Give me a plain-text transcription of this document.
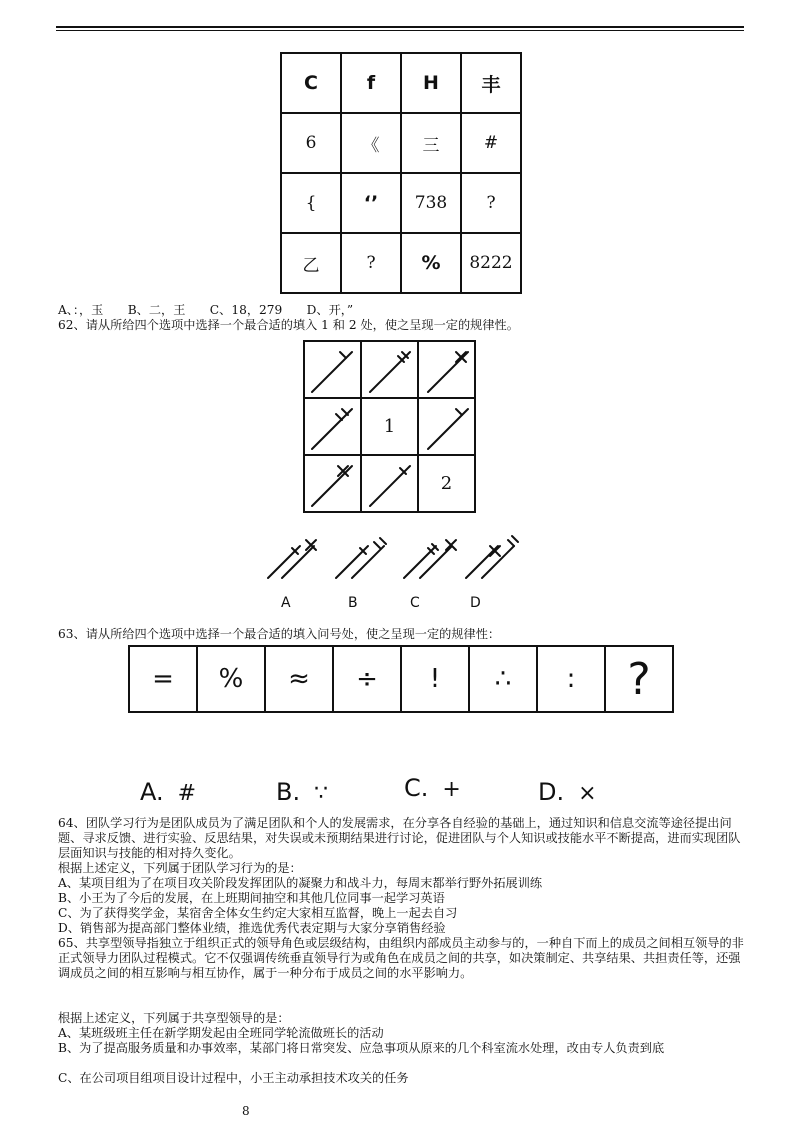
C	f	H	丰
6	《	三	#
{	‘’	738	?
乙	?	%	8222
A、：，玉　　B、二，王　　C、18，279　　D、开，”
62、请从所给四个选项中选择一个最合适的填入 1 和 2 处，使之呈现一定的规律性。

	1	
		2
A	B	C	D
63、请从所给四个选项中选择一个最合适的填入问号处，使之呈现一定的规律性：
=	%	≈	÷	!	∴	:	?
A. #	B. ∵	C. +	D. ×
64、团队学习行为是团队成员为了满足团队和个人的发展需求，在分享各自经验的基础上，通过知识和信息交流等途径提出问题、寻求反馈、进行实验、反思结果，对失误或未预期结果进行讨论，促进团队与个人知识或技能水平不断提高，进而实现团队层面知识与技能的相对持久变化。
根据上述定义，下列属于团队学习行为的是：
A、某项目组为了在项目攻关阶段发挥团队的凝聚力和战斗力，每周末都举行野外拓展训练
B、小王为了今后的发展，在上班期间抽空和其他几位同事一起学习英语
C、为了获得奖学金，某宿舍全体女生约定大家相互监督，晚上一起去自习
D、销售部为提高部门整体业绩，推选优秀代表定期与大家分享销售经验
65、共享型领导指独立于组织正式的领导角色或层级结构，由组织内部成员主动参与的，一种自下而上的成员之间相互领导的非正式领导力团队过程模式。它不仅强调传统垂直领导行为或角色在成员之间的共享，如决策制定、共享结果、共担责任等，还强调成员之间的相互影响与相互协作，属于一种分布于成员之间的水平影响力。
根据上述定义，下列属于共享型领导的是：
A、某班级班主任在新学期发起由全班同学轮流做班长的活动
B、为了提高服务质量和办事效率，某部门将日常突发、应急事项从原来的几个科室流水处理，改由专人负责到底
C、在公司项目组项目设计过程中，小王主动承担技术攻关的任务
8
